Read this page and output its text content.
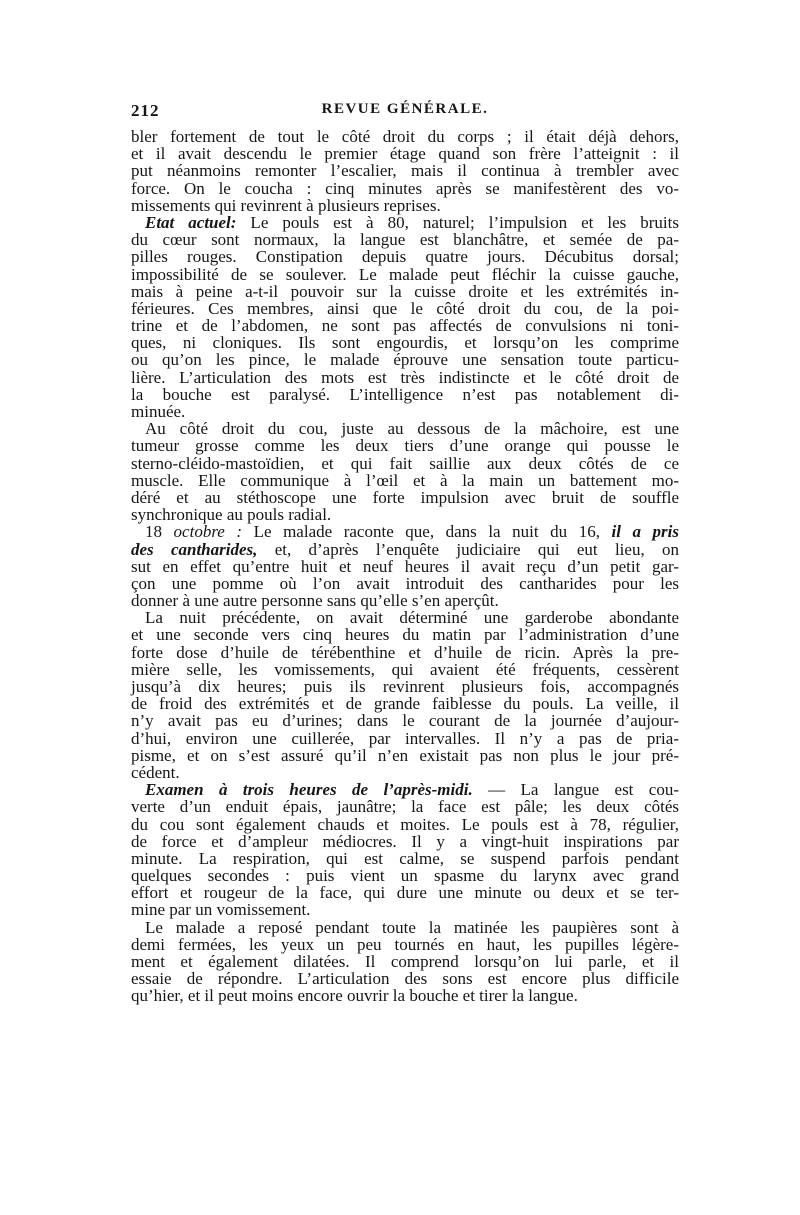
212	REVUE GÉNÉRALE.
bler fortement de tout le côté droit du corps ; il était déjà dehors,
et il avait descendu le premier étage quand son frère l’atteignit : il
put néanmoins remonter l’escalier, mais il continua à trembler avec
force. On le coucha : cinq minutes après se manifestèrent des vo-
missements qui revinrent à plusieurs reprises.
Etat actuel: Le pouls est à 80, naturel; l’impulsion et les bruits
du cœur sont normaux, la langue est blanchâtre, et semée de pa-
pilles rouges. Constipation depuis quatre jours. Décubitus dorsal;
impossibilité de se soulever. Le malade peut fléchir la cuisse gauche,
mais à peine a-t-il pouvoir sur la cuisse droite et les extrémités in-
férieures. Ces membres, ainsi que le côté droit du cou, de la poi-
trine et de l’abdomen, ne sont pas affectés de convulsions ni toni-
ques, ni cloniques. Ils sont engourdis, et lorsqu’on les comprime
ou qu’on les pince, le malade éprouve une sensation toute particu-
lière. L’articulation des mots est très indistincte et le côté droit de
la bouche est paralysé. L’intelligence n’est pas notablement di-
minuée.
Au côté droit du cou, juste au dessous de la mâchoire, est une
tumeur grosse comme les deux tiers d’une orange qui pousse le
sterno-cléido-mastoïdien, et qui fait saillie aux deux côtés de ce
muscle. Elle communique à l’œil et à la main un battement mo-
déré et au stéthoscope une forte impulsion avec bruit de souffle
synchronique au pouls radial.
18 octobre : Le malade raconte que, dans la nuit du 16, il a pris
des cantharides, et, d’après l’enquête judiciaire qui eut lieu, on
sut en effet qu’entre huit et neuf heures il avait reçu d’un petit gar-
çon une pomme où l’on avait introduit des cantharides pour les
donner à une autre personne sans qu’elle s’en aperçût.
La nuit précédente, on avait déterminé une garderobe abondante
et une seconde vers cinq heures du matin par l’administration d’une
forte dose d’huile de térébenthine et d’huile de ricin. Après la pre-
mière selle, les vomissements, qui avaient été fréquents, cessèrent
jusqu’à dix heures; puis ils revinrent plusieurs fois, accompagnés
de froid des extrémités et de grande faiblesse du pouls. La veille, il
n’y avait pas eu d’urines; dans le courant de la journée d’aujour-
d’hui, environ une cuillerée, par intervalles. Il n’y a pas de pria-
pisme, et on s’est assuré qu’il n’en existait pas non plus le jour pré-
cédent.
Examen à trois heures de l’après-midi. — La langue est cou-
verte d’un enduit épais, jaunâtre; la face est pâle; les deux côtés
du cou sont également chauds et moites. Le pouls est à 78, régulier,
de force et d’ampleur médiocres. Il y a vingt-huit inspirations par
minute. La respiration, qui est calme, se suspend parfois pendant
quelques secondes : puis vient un spasme du larynx avec grand
effort et rougeur de la face, qui dure une minute ou deux et se ter-
mine par un vomissement.
Le malade a reposé pendant toute la matinée les paupières sont à
demi fermées, les yeux un peu tournés en haut, les pupilles légère-
ment et également dilatées. Il comprend lorsqu’on lui parle, et il
essaie de répondre. L’articulation des sons est encore plus difficile
qu’hier, et il peut moins encore ouvrir la bouche et tirer la langue.
